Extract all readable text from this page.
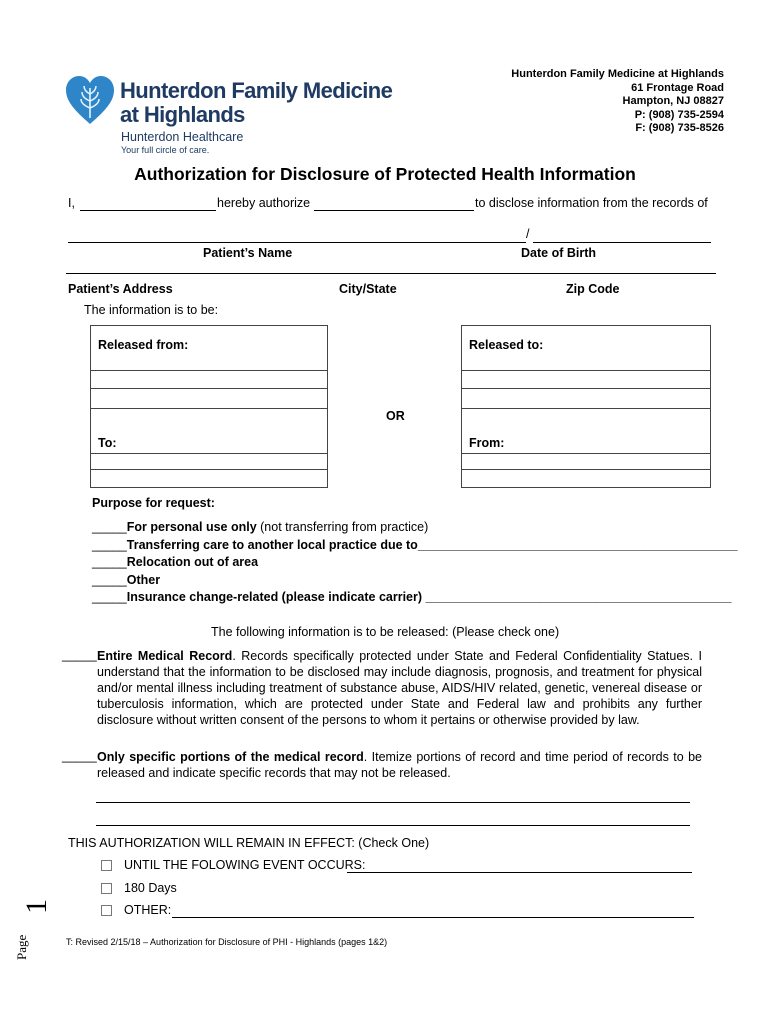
Hunterdon Family Medicine
at Highlands
Hunterdon Healthcare
Your full circle of care.
Hunterdon Family Medicine at Highlands
61 Frontage Road
Hampton, NJ 08827
P: (908) 735-2594
F: (908) 735-8526
Authorization for Disclosure of Protected Health Information
I,	hereby authorize	to disclose information from the records of
/
Patient’s Name	Date of Birth
Patient’s Address	City/State	Zip Code
The information is to be:
Released from:	Released to:
OR
To:	From:
Purpose for request:
_____For personal use only (not transferring from practice)
_____Transferring care to another local practice due to______________________________________________
_____Relocation out of area
_____Other
_____Insurance change-related (please indicate carrier) ____________________________________________
The following information is to be released: (Please check one)
_____ Entire Medical Record. Records specifically protected under State and Federal Confidentiality Statues. I understand that the information to be disclosed may include diagnosis, prognosis, and treatment for physical and/or mental illness including treatment of substance abuse, AIDS/HIV related, genetic, venereal disease or tuberculosis information, which are protected under State and Federal law and prohibits any further disclosure without written consent of the persons to whom it pertains or otherwise provided by law.
_____ Only specific portions of the medical record. Itemize portions of record and time period of records to be released and indicate specific records that may not be released.
THIS AUTHORIZATION WILL REMAIN IN EFFECT: (Check One)
UNTIL THE FOLOWING EVENT OCCURS:
180 Days
OTHER:
Page
1
T: Revised 2/15/18 – Authorization for Disclosure of PHI - Highlands (pages 1&2)
